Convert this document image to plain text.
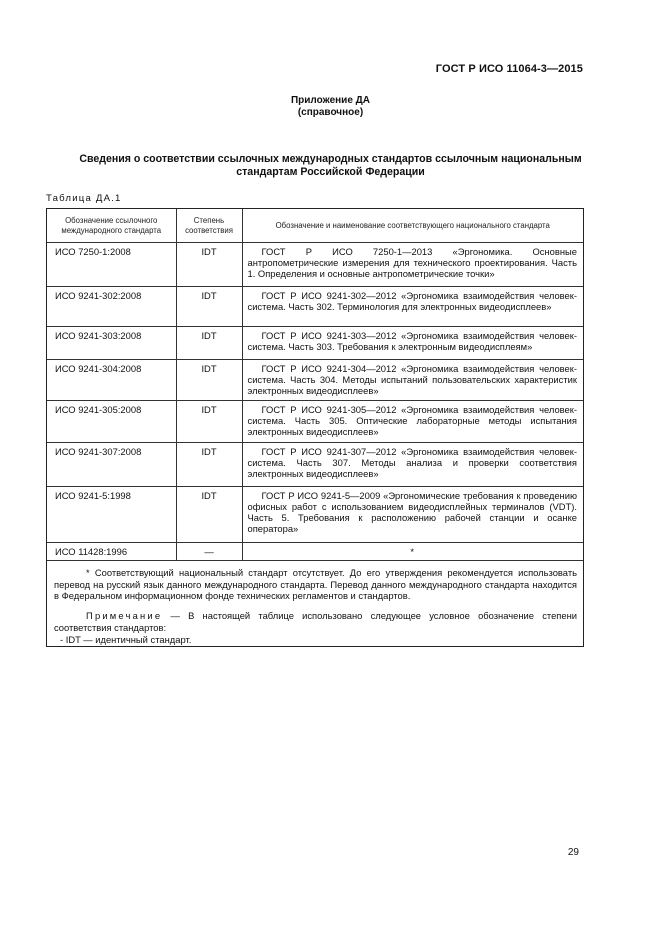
ГОСТ Р ИСО 11064-3—2015
Приложение ДА
(справочное)
Сведения о соответствии ссылочных международных стандартов ссылочным национальным
стандартам Российской Федерации
Таблица ДА.1
Обозначение ссылочного международного стандарта	Степень соответствия	Обозначение и наименование соответствующего национального стандарта
ИСО 7250-1:2008	IDT	ГОСТ Р ИСО 7250-1—2013 «Эргономика. Основные антропометрические измерения для технического проектирования. Часть 1. Определения и основные антропометрические точки»
ИСО 9241-302:2008	IDT	ГОСТ Р ИСО 9241-302—2012 «Эргономика взаимодействия человек-система. Часть 302. Терминология для электронных видеодисплеев»
ИСО 9241-303:2008	IDT	ГОСТ Р ИСО 9241-303—2012 «Эргономика взаимодействия человек-система. Часть 303. Требования к электронным видеодисплеям»
ИСО 9241-304:2008	IDT	ГОСТ Р ИСО 9241-304—2012 «Эргономика взаимодействия человек-система. Часть 304. Методы испытаний пользовательских характеристик электронных видеодисплеев»
ИСО 9241-305:2008	IDT	ГОСТ Р ИСО 9241-305—2012 «Эргономика взаимодействия человек-система. Часть 305. Оптические лабораторные методы испытания электронных видеодисплеев»
ИСО 9241-307:2008	IDT	ГОСТ Р ИСО 9241-307—2012 «Эргономика взаимодействия человек-система. Часть 307. Методы анализа и проверки соответствия электронных видеодисплеев»
ИСО 9241-5:1998	IDT	ГОСТ Р ИСО 9241-5—2009 «Эргономические требования к проведению офисных работ с использованием видеодисплейных терминалов (VDT). Часть 5. Требования к расположению рабочей станции и осанке оператора»
ИСО 11428:1996	—	*

* Соответствующий национальный стандарт отсутствует. До его утверждения рекомендуется использовать перевод на русский язык данного международного стандарта. Перевод данного международного стандарта находится в Федеральном информационном фонде технических регламентов и стандартов.

Примечание — В настоящей таблице использовано следующее условное обозначение степени соответствия стандартов:

- IDT — идентичный стандарт.
29
